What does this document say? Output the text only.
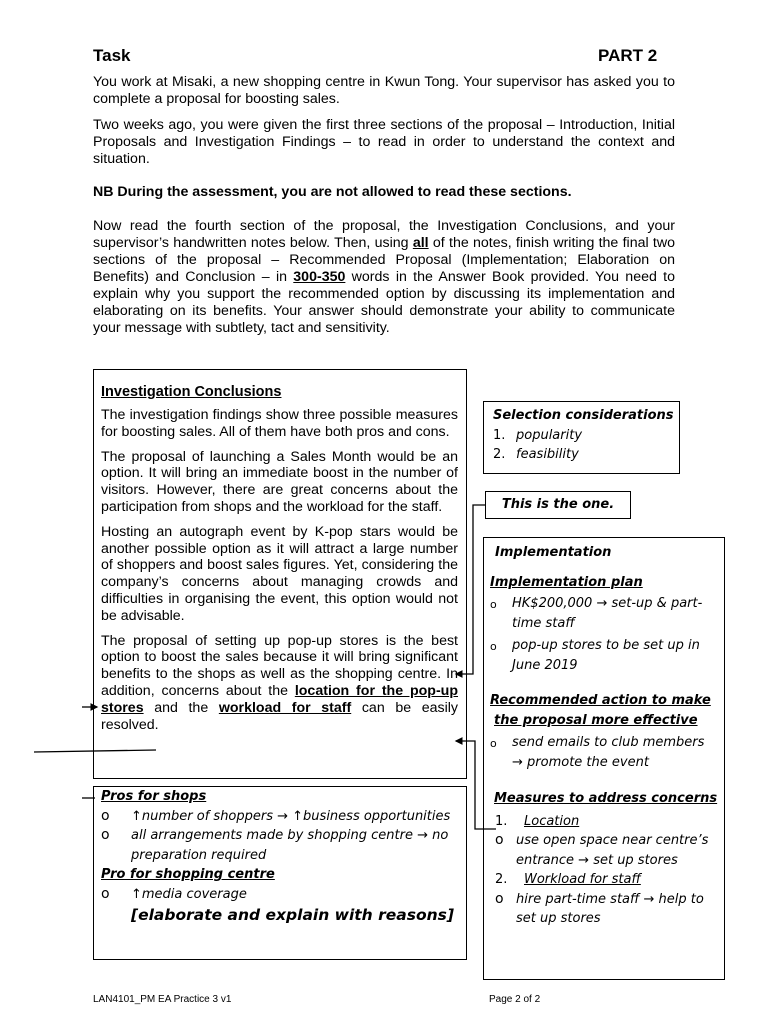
Task	PART 2

You work at Misaki, a new shopping centre in Kwun Tong. Your supervisor has asked you to complete a proposal for boosting sales.

Two weeks ago, you were given the first three sections of the proposal – Introduction, Initial Proposals and Investigation Findings – to read in order to understand the context and situation.

NB During the assessment, you are not allowed to read these sections.

Now read the fourth section of the proposal, the Investigation Conclusions, and your supervisor’s handwritten notes below. Then, using all of the notes, finish writing the final two sections of the proposal – Recommended Proposal (Implementation; Elaboration on Benefits) and Conclusion – in 300-350 words in the Answer Book provided. You need to explain why you support the recommended option by discussing its implementation and elaborating on its benefits. Your answer should demonstrate your ability to communicate your message with subtlety, tact and sensitivity.

Investigation Conclusions

The investigation findings show three possible measures for boosting sales. All of them have both pros and cons.

The proposal of launching a Sales Month would be an option. It will bring an immediate boost in the number of visitors. However, there are great concerns about the participation from shops and the workload for the staff.

Hosting an autograph event by K-pop stars would be another possible option as it will attract a large number of shoppers and boost sales figures. Yet, considering the company’s concerns about managing crowds and difficulties in organising the event, this option would not be advisable.

The proposal of setting up pop-up stores is the best option to boost the sales because it will bring significant benefits to the shops as well as the shopping centre. In addition, concerns about the location for the pop-up stores and the workload for staff can be easily resolved.

Pros for shops
o ↑number of shoppers → ↑business opportunities
o all arrangements made by shopping centre → no preparation required
Pro for shopping centre
o ↑media coverage
[elaborate and explain with reasons]
Selection considerations
1. popularity
2. feasibility
This is the one.
Implementation
Implementation plan
o HK$200,000 → set-up & part-time staff
o pop-up stores to be set up in June 2019
Recommended action to make
the proposal more effective
o send emails to club members → promote the event
Measures to address concerns
1. Location
o use open space near centre’s entrance → set up stores
2. Workload for staff
o hire part-time staff → help to set up stores
LAN4101_PM EA Practice 3 v1	Page 2 of 2
